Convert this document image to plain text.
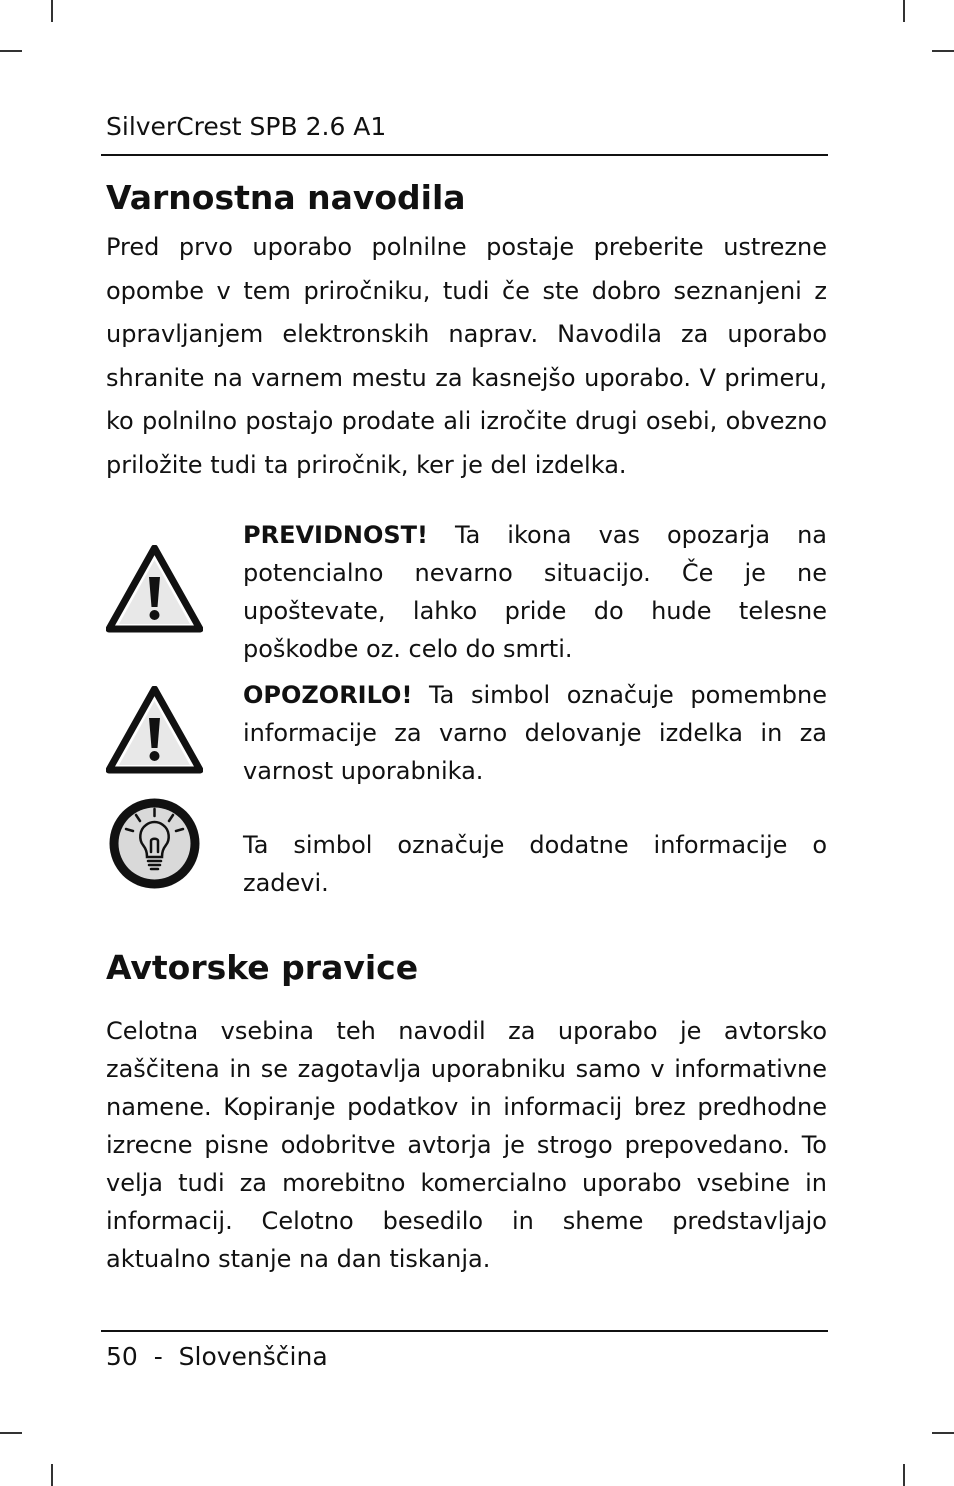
SilverCrest SPB 2.6 A1
Varnostna navodila

Pred prvo uporabo polnilne postaje preberite ustrezne opombe v tem priročniku, tudi če ste dobro seznanjeni z upravljanjem elektronskih naprav. Navodila za uporabo shranite na varnem mestu za kasnejšo uporabo. V primeru, ko polnilno postajo prodate ali izročite drugi osebi, obvezno priložite tudi ta priročnik, ker je del izdelka.

PREVIDNOST! Ta ikona vas opozarja na potencialno nevarno situacijo. Če je ne upoštevate, lahko pride do hude telesne poškodbe oz. celo do smrti.

OPOZORILO! Ta simbol označuje pomembne informacije za varno delovanje izdelka in za varnost uporabnika.

Ta simbol označuje dodatne informacije o zadevi.

Avtorske pravice

Celotna vsebina teh navodil za uporabo je avtorsko zaščitena in se zagotavlja uporabniku samo v informativne namene. Kopiranje podatkov in informacij brez predhodne izrecne pisne odobritve avtorja je strogo prepovedano. To velja tudi za morebitno komercialno uporabo vsebine in informacij. Celotno besedilo in sheme predstavljajo aktualno stanje na dan tiskanja.

50  -  Slovenščina
